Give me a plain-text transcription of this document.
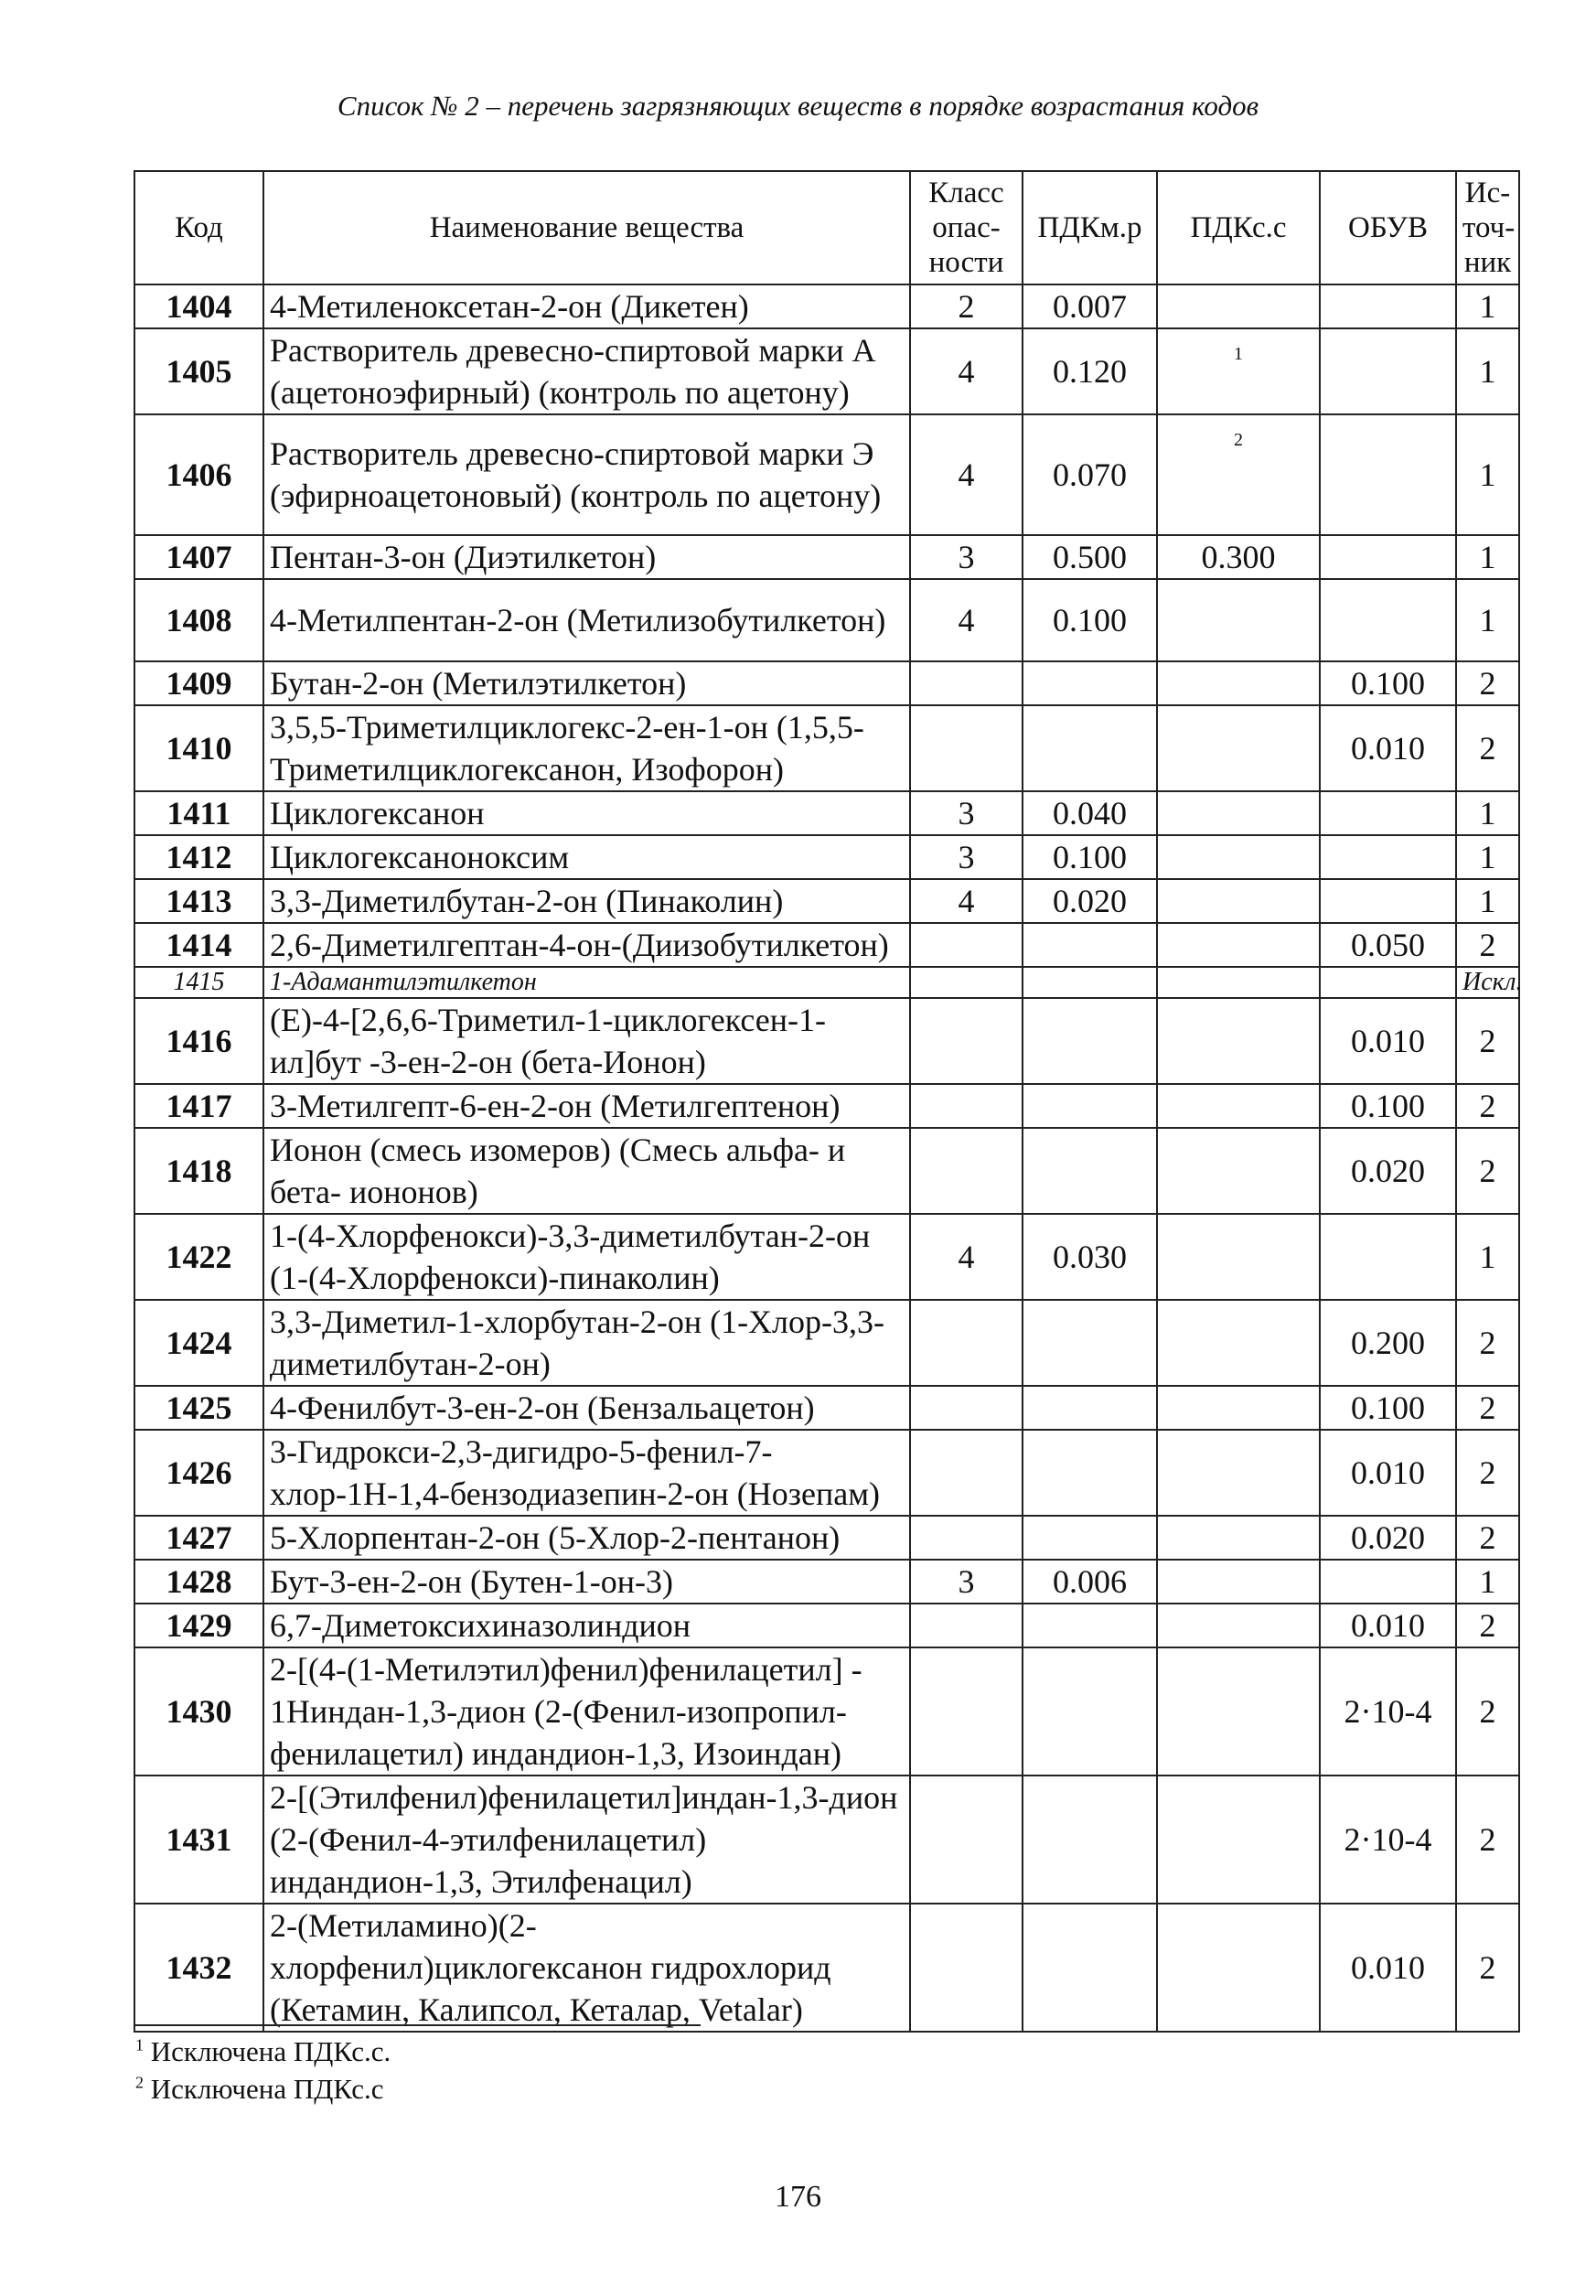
Список № 2 – перечень загрязняющих веществ в порядке возрастания кодов
Код	Наименование вещества	Класс опас-ности	ПДКм.р	ПДКс.с	ОБУВ	Ис-точ-ник
1404	4-Метиленоксетан-2-он (Дикетен)	2	0.007			1
1405	Растворитель древесно-спиртовой марки А (ацетоноэфирный) (контроль по ацетону)	4	0.120	1		1
1406	Растворитель древесно-спиртовой марки Э (эфирноацетоновый) (контроль по ацетону)	4	0.070	2		1
1407	Пентан-3-он (Диэтилкетон)	3	0.500	0.300		1
1408	4-Метилпентан-2-он (Метилизобутилкетон)	4	0.100			1
1409	Бутан-2-он (Метилэтилкетон)				0.100	2
1410	3,5,5-Триметилциклогекс-2-ен-1-он (1,5,5-Триметилциклогексанон, Изофорон)				0.010	2
1411	Циклогексанон	3	0.040			1
1412	Циклогексаноноксим	3	0.100			1
1413	3,3-Диметилбутан-2-он (Пинаколин)	4	0.020			1
1414	2,6-Диметилгептан-4-он-(Диизобутилкетон)				0.050	2
1415	1-Адамантилэтилкетон					Искл.
1416	(E)-4-[2,6,6-Триметил-1-циклогексен-1-ил]бут -3-ен-2-он (бета-Ионон)				0.010	2
1417	3-Метилгепт-6-ен-2-он (Метилгептенон)				0.100	2
1418	Ионон (смесь изомеров) (Смесь альфа- и бета- иононов)				0.020	2
1422	1-(4-Хлорфенокси)-3,3-диметилбутан-2-он (1-(4-Хлорфенокси)-пинаколин)	4	0.030			1
1424	3,3-Диметил-1-хлорбутан-2-он (1-Хлор-3,3-диметилбутан-2-он)				0.200	2
1425	4-Фенилбут-3-ен-2-он (Бензальацетон)				0.100	2
1426	3-Гидрокси-2,3-дигидро-5-фенил-7-хлор-1Н-1,4-бензодиазепин-2-он (Нозепам)				0.010	2
1427	5-Хлорпентан-2-он (5-Хлор-2-пентанон)				0.020	2
1428	Бут-3-ен-2-он (Бутен-1-он-3)	3	0.006			1
1429	6,7-Диметоксихиназолиндион				0.010	2
1430	2-[(4-(1-Метилэтил)фенил)фенилацетил] - 1Ниндан-1,3-дион (2-(Фенил-изопропил-фенилацетил) индандион-1,3, Изоиндан)				2·10-4	2
1431	2-[(Этилфенил)фенилацетил]индан-1,3-дион (2-(Фенил-4-этилфенилацетил) индандион-1,3, Этилфенацил)				2·10-4	2
1432	2-(Метиламино)(2-хлорфенил)циклогексанон гидрохлорид (Кетамин, Калипсол, Кеталар, Vetalar)				0.010	2
$^1$ Исключена ПДКс.с.
$^2$ Исключена ПДКс.с
176
